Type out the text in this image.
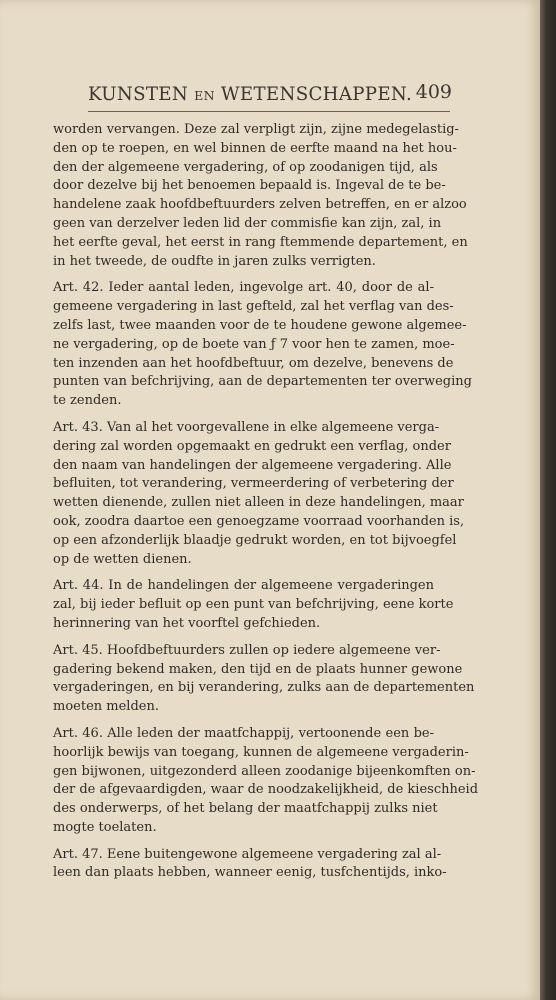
KUNSTEN EN WETENSCHAPPEN. 409
worden vervangen. Deze zal verpligt zijn, zijne medegelastig-
den op te roepen, en wel binnen de eerfte maand na het hou-
den der algemeene vergadering, of op zoodanigen tijd, als
door dezelve bij het benoemen bepaald is. Ingeval de te be-
handelene zaak hoofdbeftuurders zelven betreffen, en er alzoo
geen van derzelver leden lid der commisfie kan zijn, zal, in
het eerfte geval, het eerst in rang ftemmende departement, en
in het tweede, de oudfte in jaren zulks verrigten.
Art. 42. Ieder aantal leden, ingevolge art. 40, door de al-
gemeene vergadering in last gefteld, zal het verflag van des-
zelfs last, twee maanden voor de te houdene gewone algemee-
ne vergadering, op de boete van ƒ 7 voor hen te zamen, moe-
ten inzenden aan het hoofdbeftuur, om dezelve, benevens de
punten van befchrijving, aan de departementen ter overweging
te zenden.
Art. 43. Van al het voorgevallene in elke algemeene verga-
dering zal worden opgemaakt en gedrukt een verflag, onder
den naam van handelingen der algemeene vergadering. Alle
befluiten, tot verandering, vermeerdering of verbetering der
wetten dienende, zullen niet alleen in deze handelingen, maar
ook, zoodra daartoe een genoegzame voorraad voorhanden is,
op een afzonderlijk blaadje gedrukt worden, en tot bijvoegfel
op de wetten dienen.
Art. 44. In de handelingen der algemeene vergaderingen
zal, bij ieder befluit op een punt van befchrijving, eene korte
herinnering van het voorftel gefchieden.
Art. 45. Hoofdbeftuurders zullen op iedere algemeene ver-
gadering bekend maken, den tijd en de plaats hunner gewone
vergaderingen, en bij verandering, zulks aan de departementen
moeten melden.
Art. 46. Alle leden der maatfchappij, vertoonende een be-
hoorlijk bewijs van toegang, kunnen de algemeene vergaderin-
gen bijwonen, uitgezonderd alleen zoodanige bijeenkomften on-
der de afgevaardigden, waar de noodzakelijkheid, de kieschheid
des onderwerps, of het belang der maatfchappij zulks niet
mogte toelaten.
Art. 47. Eene buitengewone algemeene vergadering zal al-
leen dan plaats hebben, wanneer eenig, tusfchentijds, inko-
